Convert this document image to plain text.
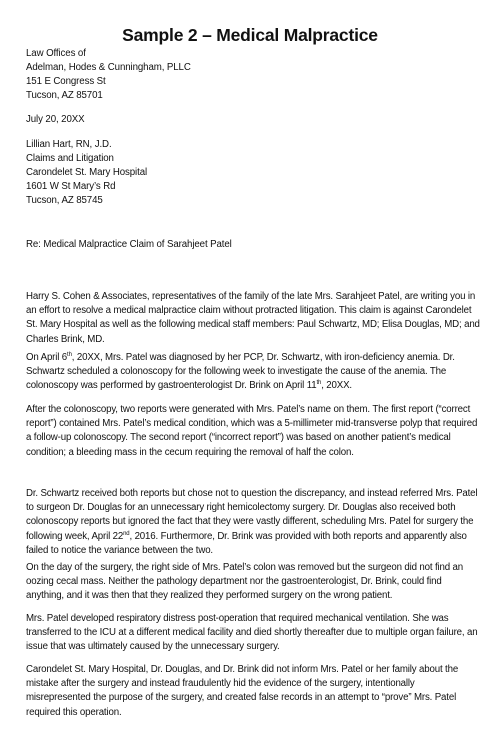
Sample 2 – Medical Malpractice
Law Offices of
Adelman, Hodes & Cunningham, PLLC
151 E Congress St
Tucson, AZ 85701
July 20, 20XX
Lillian Hart, RN, J.D.
Claims and Litigation
Carondelet St. Mary Hospital
1601 W St Mary’s Rd
Tucson, AZ 85745
Re: Medical Malpractice Claim of Sarahjeet Patel
Harry S. Cohen & Associates, representatives of the family of the late Mrs. Sarahjeet Patel, are writing you in an effort to resolve a medical malpractice claim without protracted litigation. This claim is against Carondelet St. Mary Hospital as well as the following medical staff members: Paul Schwartz, MD; Elisa Douglas, MD; and Charles Brink, MD.
On April 6th, 20XX, Mrs. Patel was diagnosed by her PCP, Dr. Schwartz, with iron-deficiency anemia. Dr. Schwartz scheduled a colonoscopy for the following week to investigate the cause of the anemia. The colonoscopy was performed by gastroenterologist Dr. Brink on April 11th, 20XX.
After the colonoscopy, two reports were generated with Mrs. Patel’s name on them. The first report (“correct report”) contained Mrs. Patel’s medical condition, which was a 5-millimeter mid-transverse polyp that required a follow-up colonoscopy. The second report (“incorrect report”) was based on another patient’s medical condition; a bleeding mass in the cecum requiring the removal of half the colon.
Dr. Schwartz received both reports but chose not to question the discrepancy, and instead referred Mrs. Patel to surgeon Dr. Douglas for an unnecessary right hemicolectomy surgery. Dr. Douglas also received both colonoscopy reports but ignored the fact that they were vastly different, scheduling Mrs. Patel for surgery the following week, April 22nd, 2016. Furthermore, Dr. Brink was provided with both reports and apparently also failed to notice the variance between the two.
On the day of the surgery, the right side of Mrs. Patel’s colon was removed but the surgeon did not find an oozing cecal mass. Neither the pathology department nor the gastroenterologist, Dr. Brink, could find anything, and it was then that they realized they performed surgery on the wrong patient.
Mrs. Patel developed respiratory distress post-operation that required mechanical ventilation. She was transferred to the ICU at a different medical facility and died shortly thereafter due to multiple organ failure, an issue that was ultimately caused by the unnecessary surgery.
Carondelet St. Mary Hospital, Dr. Douglas, and Dr. Brink did not inform Mrs. Patel or her family about the mistake after the surgery and instead fraudulently hid the evidence of the surgery, intentionally misrepresented the purpose of the surgery, and created false records in an attempt to “prove” Mrs. Patel required this operation.
